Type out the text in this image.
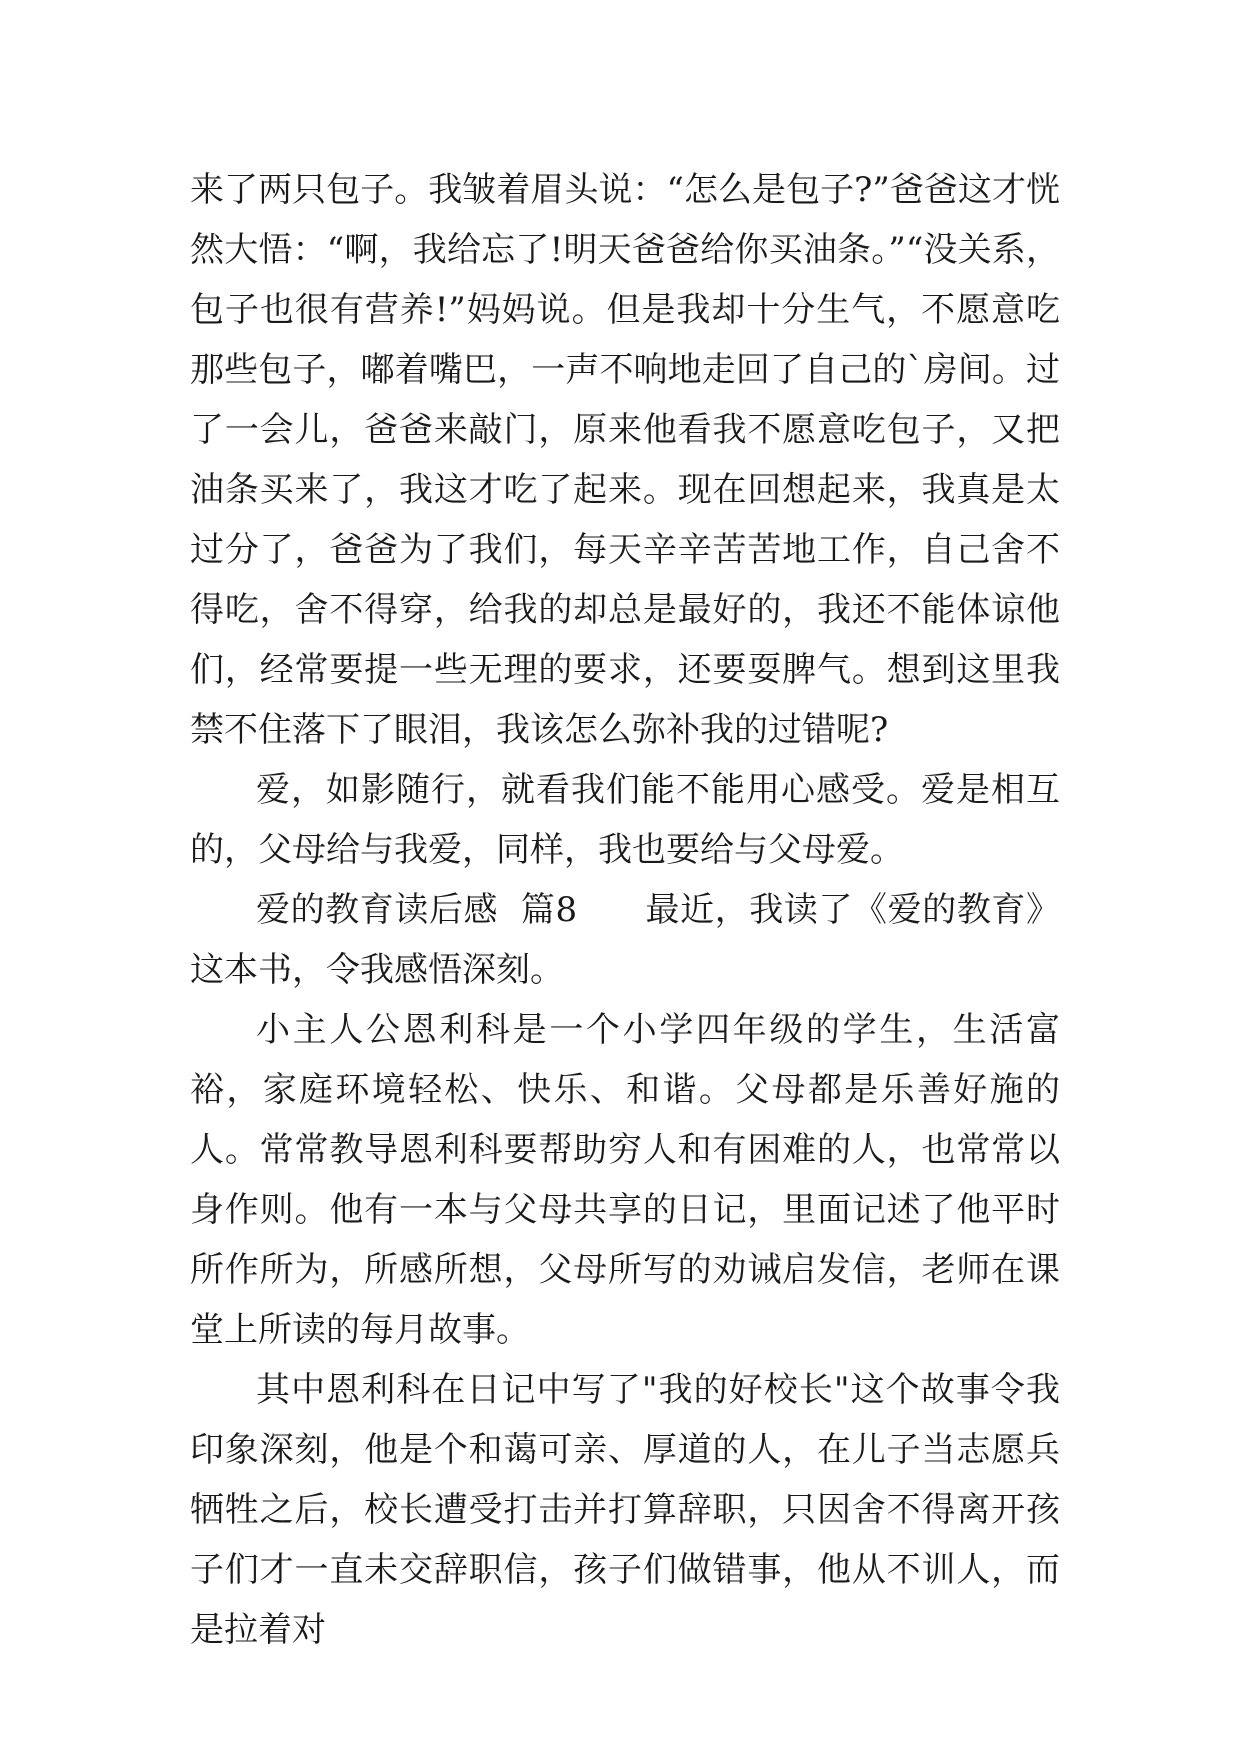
来了两只包子。我皱着眉头说：“怎么是包子?”爸爸这才恍然大悟：“啊，我给忘了!明天爸爸给你买油条。”“没关系，包子也很有营养!”妈妈说。但是我却十分生气，不愿意吃那些包子，嘟着嘴巴，一声不响地走回了自己的`房间。过了一会儿，爸爸来敲门，原来他看我不愿意吃包子，又把油条买来了，我这才吃了起来。现在回想起来，我真是太过分了，爸爸为了我们，每天辛辛苦苦地工作，自己舍不得吃，舍不得穿，给我的却总是最好的，我还不能体谅他们，经常要提一些无理的要求，还要耍脾气。想到这里我禁不住落下了眼泪，我该怎么弥补我的过错呢?

爱，如影随行，就看我们能不能用心感受。爱是相互的，父母给与我爱，同样，我也要给与父母爱。

爱的教育读后感  篇8 最近，我读了《爱的教育》这本书，令我感悟深刻。

小主人公恩利科是一个小学四年级的学生，生活富裕，家庭环境轻松、快乐、和谐。父母都是乐善好施的人。常常教导恩利科要帮助穷人和有困难的人，也常常以身作则。他有一本与父母共享的日记，里面记述了他平时所作所为，所感所想，父母所写的劝诫启发信，老师在课堂上所读的每月故事。

其中恩利科在日记中写了"我的好校长"这个故事令我印象深刻，他是个和蔼可亲、厚道的人，在儿子当志愿兵牺牲之后，校长遭受打击并打算辞职，只因舍不得离开孩子们才一直未交辞职信，孩子们做错事，他从不训人，而是拉着对
